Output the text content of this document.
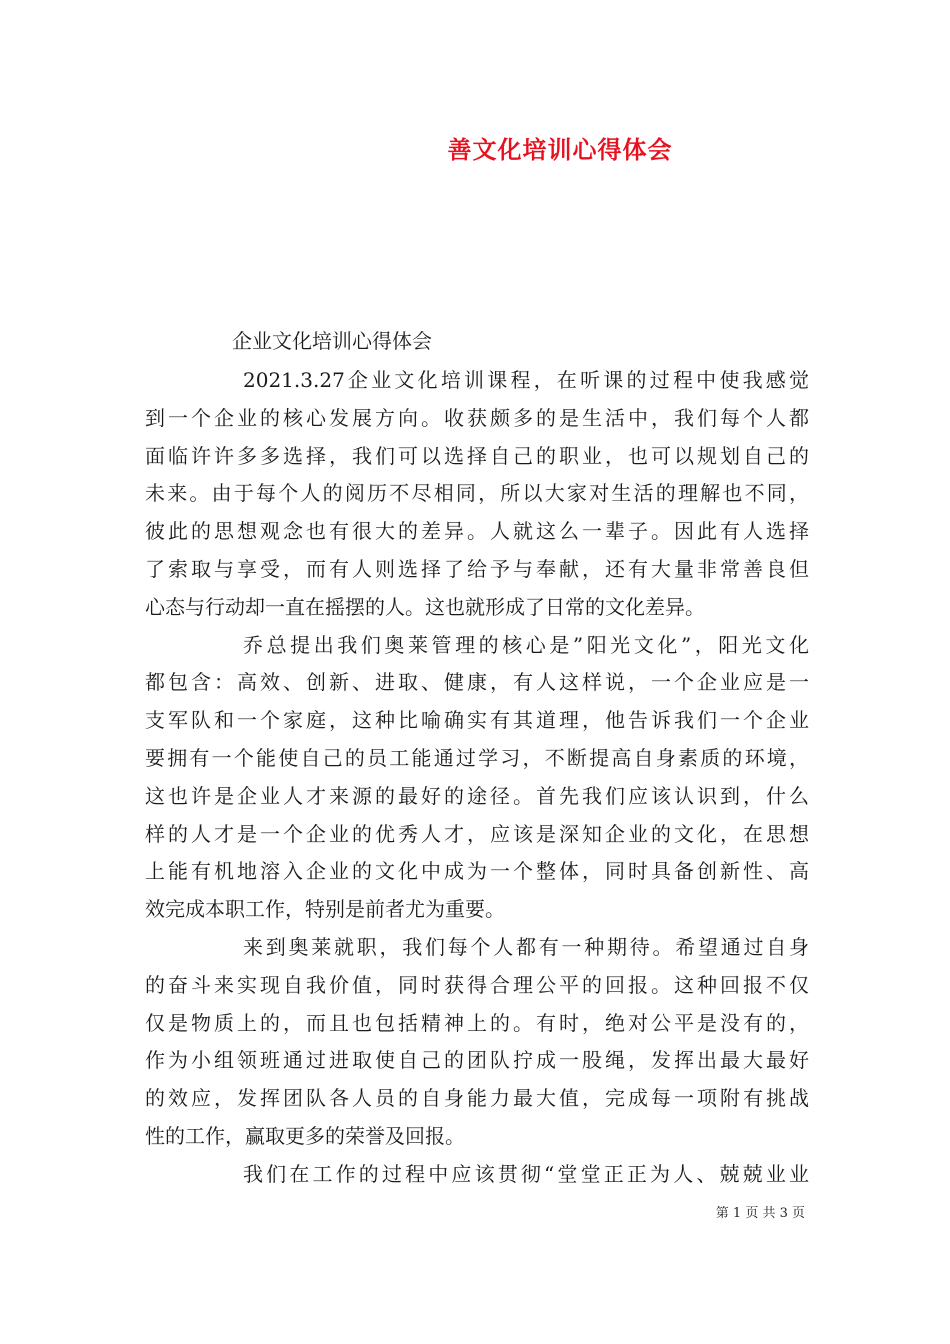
善文化培训心得体会
企业文化培训心得体会
2021.3.27企业文化培训课程，在听课的过程中使我感觉
到一个企业的核心发展方向。收获颇多的是生活中，我们每个人都
面临许许多多选择，我们可以选择自己的职业，也可以规划自己的
未来。由于每个人的阅历不尽相同，所以大家对生活的理解也不同，
彼此的思想观念也有很大的差异。人就这么一辈子。因此有人选择
了索取与享受，而有人则选择了给予与奉献，还有大量非常善良但
心态与行动却一直在摇摆的人。这也就形成了日常的文化差异。
乔总提出我们奥莱管理的核心是”阳光文化”，阳光文化
都包含：高效、创新、进取、健康，有人这样说，一个企业应是一
支军队和一个家庭，这种比喻确实有其道理，他告诉我们一个企业
要拥有一个能使自己的员工能通过学习，不断提高自身素质的环境，
这也许是企业人才来源的最好的途径。首先我们应该认识到，什么
样的人才是一个企业的优秀人才，应该是深知企业的文化，在思想
上能有机地溶入企业的文化中成为一个整体，同时具备创新性、高
效完成本职工作，特别是前者尤为重要。
来到奥莱就职，我们每个人都有一种期待。希望通过自身
的奋斗来实现自我价值，同时获得合理公平的回报。这种回报不仅
仅是物质上的，而且也包括精神上的。有时，绝对公平是没有的，
作为小组领班通过进取使自己的团队拧成一股绳，发挥出最大最好
的效应，发挥团队各人员的自身能力最大值，完成每一项附有挑战
性的工作，赢取更多的荣誉及回报。
我们在工作的过程中应该贯彻“堂堂正正为人、兢兢业业
第 1 页 共 3 页
